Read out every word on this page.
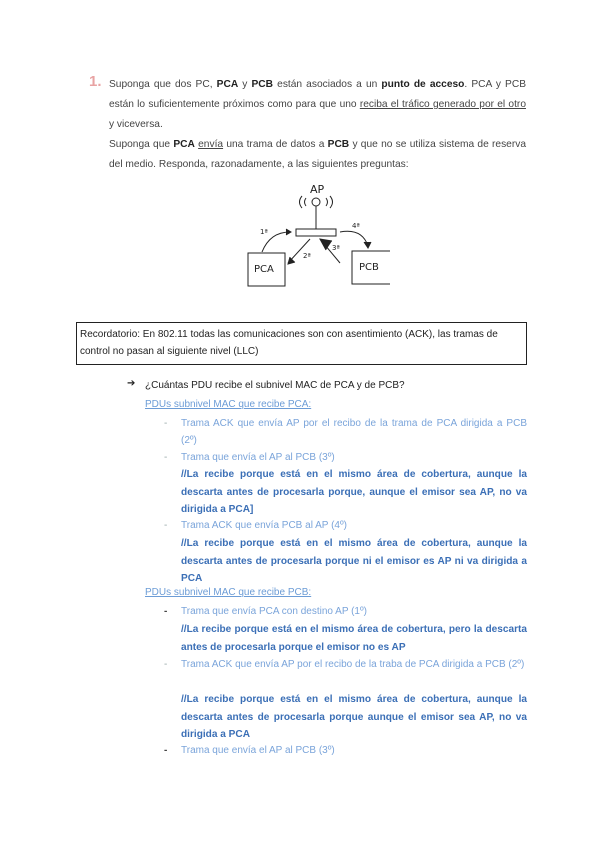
1. Suponga que dos PC, PCA y PCB están asociados a un punto de acceso. PCA y PCB están lo suficientemente próximos como para que uno reciba el tráfico generado por el otro y viceversa.

Suponga que PCA envía una trama de datos a PCB y que no se utiliza sistema de reserva del medio. Responda, razonadamente, a las siguientes preguntas:

AP
PCA	PCB
1ª
2ª
3ª
4ª
Recordatorio: En 802.11 todas las comunicaciones son con asentimiento (ACK), las tramas de control no pasan al siguiente nivel (LLC)
➔ ¿Cuántas PDU recibe el subnivel MAC de PCA y de PCB?
PDUs subnivel MAC que recibe PCA:
- Trama ACK que envía AP por el recibo de la trama de PCA dirigida a PCB (2º)
- Trama que envía el AP al PCB (3º)
//La recibe porque está en el mismo área de cobertura, aunque la descarta antes de procesarla porque, aunque el emisor sea AP, no va dirigida a PCA]
- Trama ACK que envía PCB al AP (4º)
//La recibe porque está en el mismo área de cobertura, aunque la descarta antes de procesarla porque ni el emisor es AP ni va dirigida a PCA
PDUs subnivel MAC que recibe PCB:
- Trama que envía PCA con destino AP (1º)
//La recibe porque está en el mismo área de cobertura, pero la descarta antes de procesarla porque el emisor no es AP
- Trama ACK que envía AP por el recibo de la traba de PCA dirigida a PCB (2º)
//La recibe porque está en el mismo área de cobertura, aunque la descarta antes de procesarla porque aunque el emisor sea AP, no va dirigida a PCA
- Trama que envía el AP al PCB (3º)
